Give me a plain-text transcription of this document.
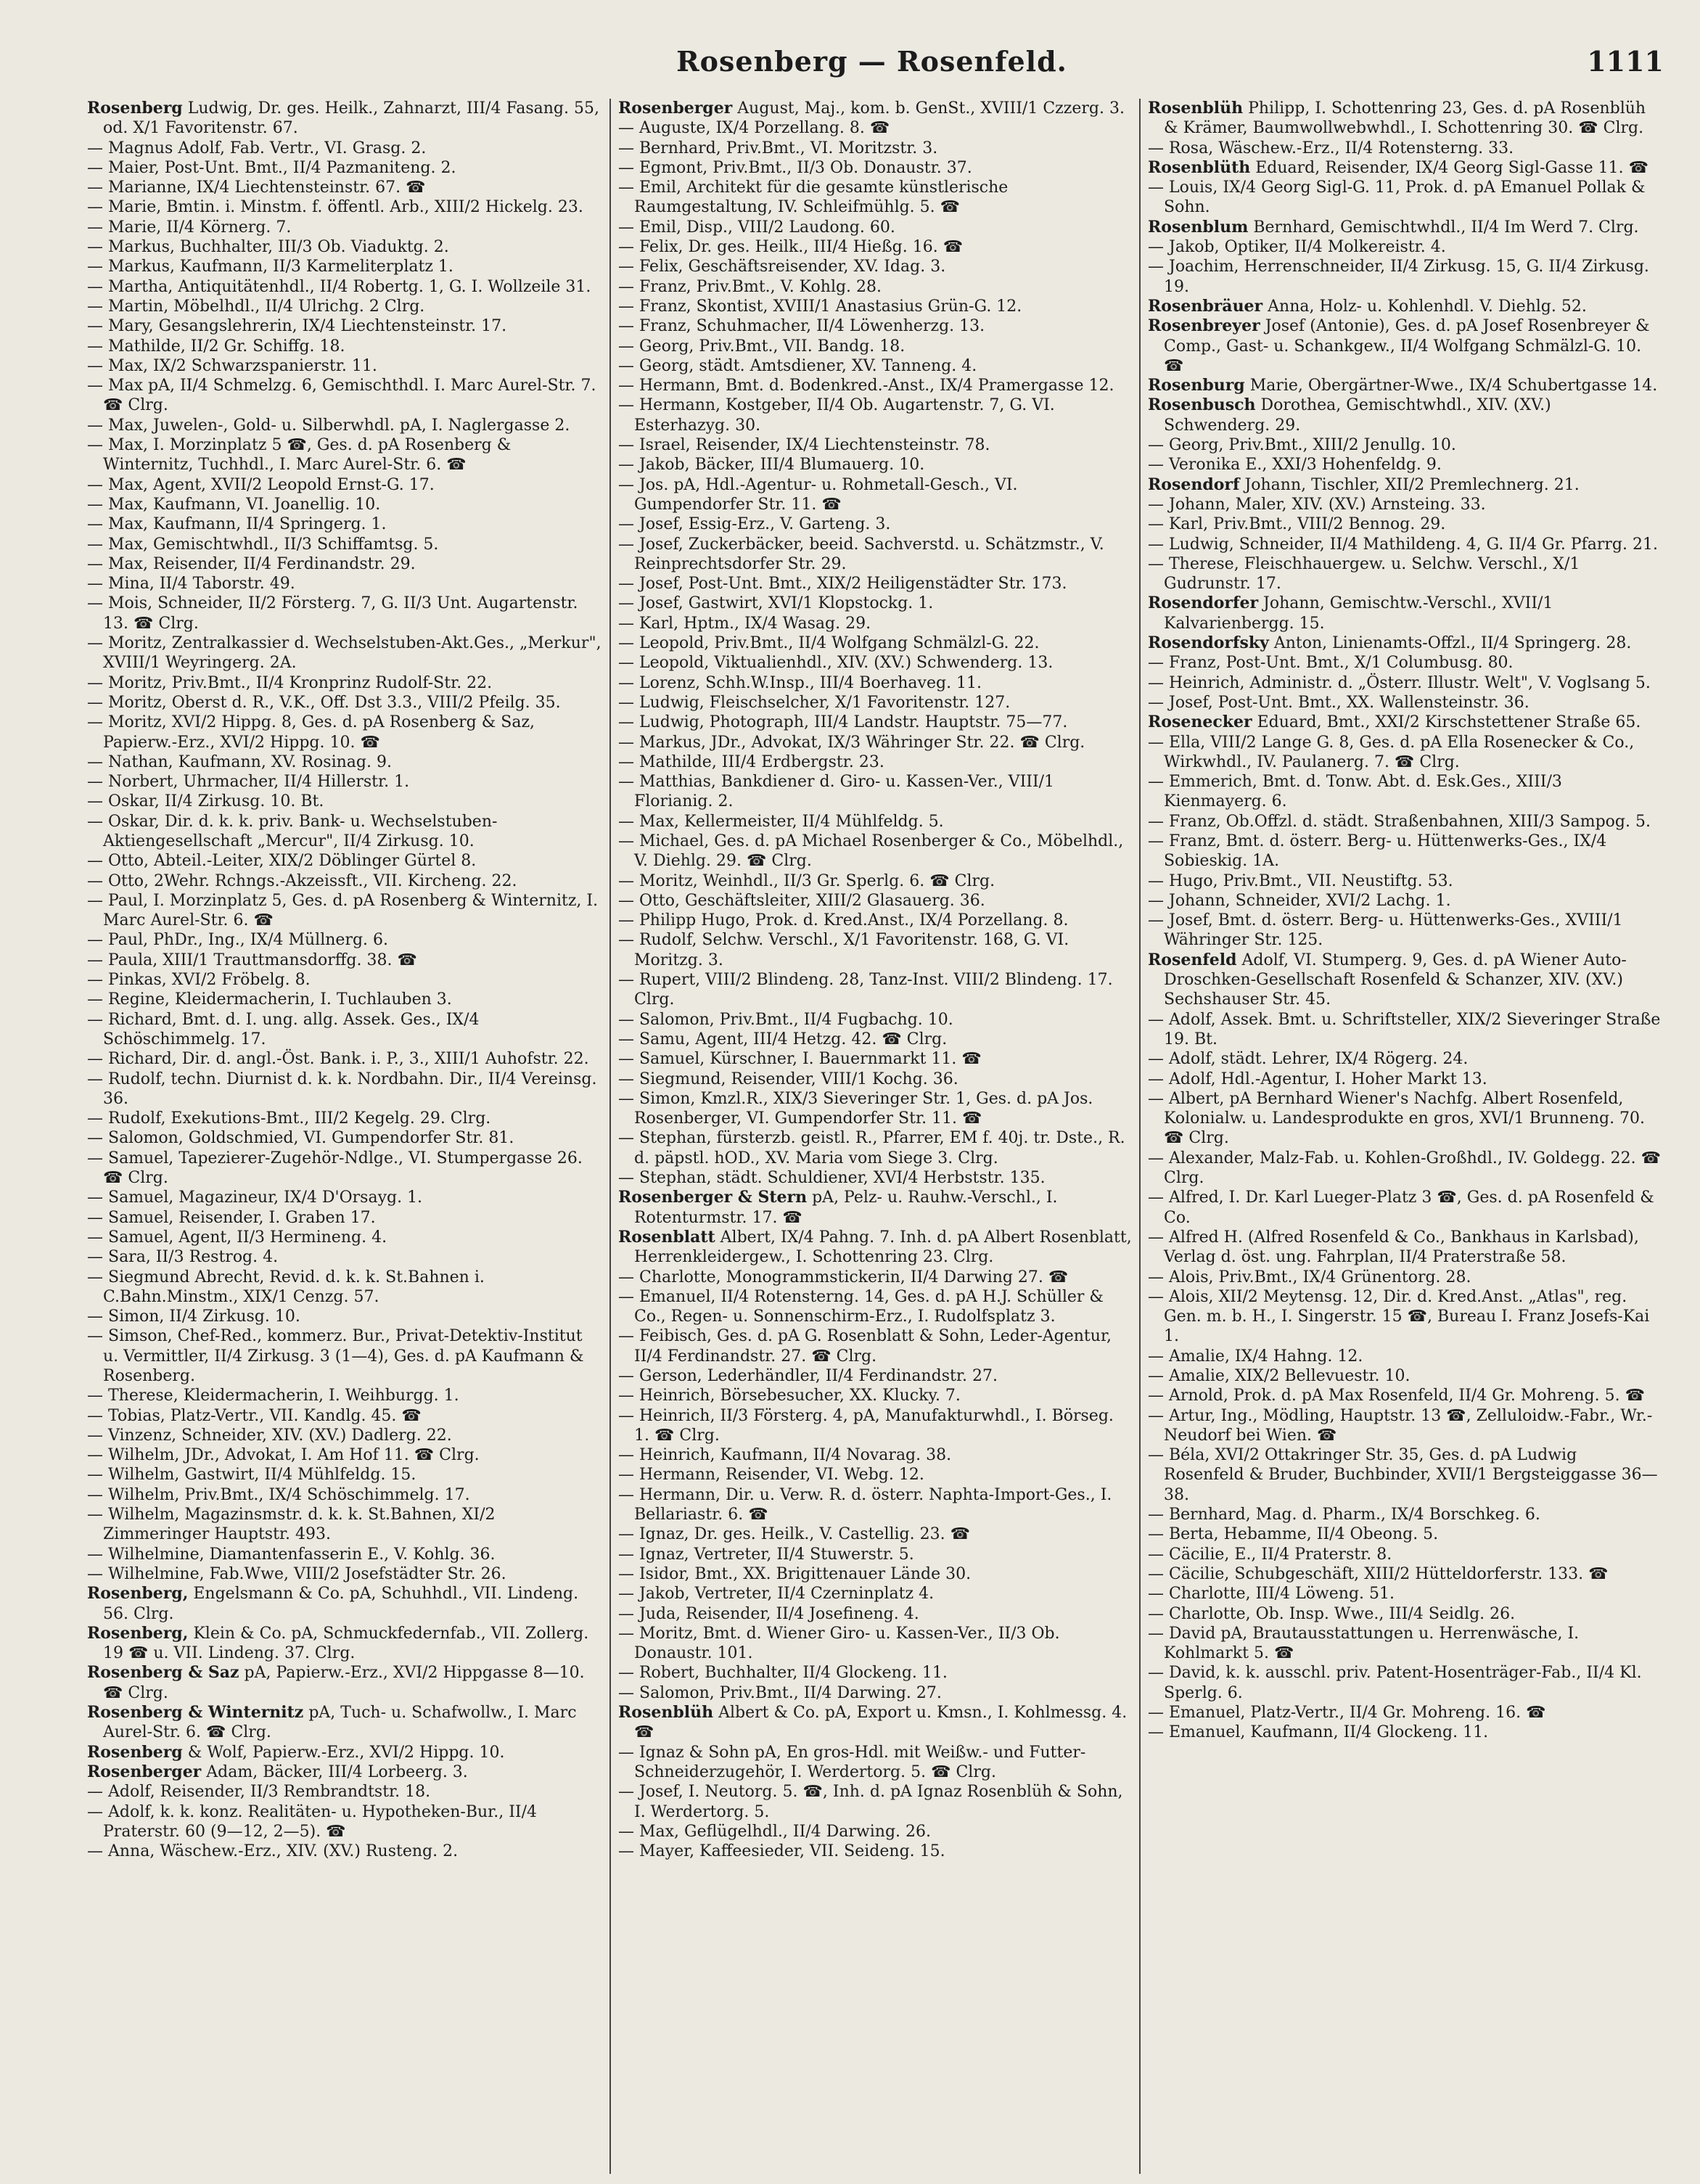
Rosenberg — Rosenfeld.	1111
Rosenberg Ludwig, Dr. ges. Heilk., Zahnarzt, III/4 Fasang. 55, od. X/1 Favoritenstr. 67.
— Magnus Adolf, Fab. Vertr., VI. Grasg. 2.
— Maier, Post-Unt. Bmt., II/4 Pazmaniteng. 2.
— Marianne, IX/4 Liechtensteinstr. 67. ☎
— Marie, Bmtin. i. Minstm. f. öffentl. Arb., XIII/2 Hickelg. 23.
— Marie, II/4 Körnerg. 7.
— Markus, Buchhalter, III/3 Ob. Viaduktg. 2.
— Markus, Kaufmann, II/3 Karmeliterplatz 1.
— Martha, Antiquitätenhdl., II/4 Robertg. 1, G. I. Wollzeile 31.
— Martin, Möbelhdl., II/4 Ulrichg. 2 Clrg.
— Mary, Gesangslehrerin, IX/4 Liechtensteinstr. 17.
— Mathilde, II/2 Gr. Schiffg. 18.
— Max, IX/2 Schwarzspanierstr. 11.
— Max pA, II/4 Schmelzg. 6, Gemischthdl. I. Marc Aurel-Str. 7. ☎ Clrg.
— Max, Juwelen-, Gold- u. Silberwhdl. pA, I. Naglergasse 2.
— Max, I. Morzinplatz 5 ☎, Ges. d. pA Rosenberg & Winternitz, Tuchhdl., I. Marc Aurel-Str. 6. ☎
— Max, Agent, XVII/2 Leopold Ernst-G. 17.
— Max, Kaufmann, VI. Joanellig. 10.
— Max, Kaufmann, II/4 Springerg. 1.
— Max, Gemischtwhdl., II/3 Schiffamtsg. 5.
— Max, Reisender, II/4 Ferdinandstr. 29.
— Mina, II/4 Taborstr. 49.
— Mois, Schneider, II/2 Försterg. 7, G. II/3 Unt. Augartenstr. 13. ☎ Clrg.
— Moritz, Zentralkassier d. Wechselstuben-Akt.Ges., „Merkur", XVIII/1 Weyringerg. 2A.
— Moritz, Priv.Bmt., II/4 Kronprinz Rudolf-Str. 22.
— Moritz, Oberst d. R., V.K., Off. Dst 3.3., VIII/2 Pfeilg. 35.
— Moritz, XVI/2 Hippg. 8, Ges. d. pA Rosenberg & Saz, Papierw.-Erz., XVI/2 Hippg. 10. ☎
— Nathan, Kaufmann, XV. Rosinag. 9.
— Norbert, Uhrmacher, II/4 Hillerstr. 1.
— Oskar, II/4 Zirkusg. 10. Bt.
— Oskar, Dir. d. k. k. priv. Bank- u. Wechselstuben-Aktiengesellschaft „Mercur", II/4 Zirkusg. 10.
— Otto, Abteil.-Leiter, XIX/2 Döblinger Gürtel 8.
— Otto, 2Wehr. Rchngs.-Akzeissft., VII. Kircheng. 22.
— Paul, I. Morzinplatz 5, Ges. d. pA Rosenberg & Winternitz, I. Marc Aurel-Str. 6. ☎
— Paul, PhDr., Ing., IX/4 Müllnerg. 6.
— Paula, XIII/1 Trauttmansdorffg. 38. ☎
— Pinkas, XVI/2 Fröbelg. 8.
— Regine, Kleidermacherin, I. Tuchlauben 3.
— Richard, Bmt. d. I. ung. allg. Assek. Ges., IX/4 Schöschimmelg. 17.
— Richard, Dir. d. angl.-Öst. Bank. i. P., 3., XIII/1 Auhofstr. 22.
— Rudolf, techn. Diurnist d. k. k. Nordbahn. Dir., II/4 Vereinsg. 36.
— Rudolf, Exekutions-Bmt., III/2 Kegelg. 29. Clrg.
— Salomon, Goldschmied, VI. Gumpendorfer Str. 81.
— Samuel, Tapezierer-Zugehör-Ndlge., VI. Stumpergasse 26. ☎ Clrg.
— Samuel, Magazineur, IX/4 D'Orsayg. 1.
— Samuel, Reisender, I. Graben 17.
— Samuel, Agent, II/3 Hermineng. 4.
— Sara, II/3 Restrog. 4.
— Siegmund Abrecht, Revid. d. k. k. St.Bahnen i. C.Bahn.Minstm., XIX/1 Cenzg. 57.
— Simon, II/4 Zirkusg. 10.
— Simson, Chef-Red., kommerz. Bur., Privat-Detektiv-Institut u. Vermittler, II/4 Zirkusg. 3 (1—4), Ges. d. pA Kaufmann & Rosenberg.
— Therese, Kleidermacherin, I. Weihburgg. 1.
— Tobias, Platz-Vertr., VII. Kandlg. 45. ☎
— Vinzenz, Schneider, XIV. (XV.) Dadlerg. 22.
— Wilhelm, JDr., Advokat, I. Am Hof 11. ☎ Clrg.
— Wilhelm, Gastwirt, II/4 Mühlfeldg. 15.
— Wilhelm, Priv.Bmt., IX/4 Schöschimmelg. 17.
— Wilhelm, Magazinsmstr. d. k. k. St.Bahnen, XI/2 Zimmeringer Hauptstr. 493.
— Wilhelmine, Diamantenfasserin E., V. Kohlg. 36.
— Wilhelmine, Fab.Wwe, VIII/2 Josefstädter Str. 26.
Rosenberg, Engelsmann & Co. pA, Schuhhdl., VII. Lindeng. 56. Clrg.
Rosenberg, Klein & Co. pA, Schmuckfedernfab., VII. Zollerg. 19 ☎ u. VII. Lindeng. 37. Clrg.
Rosenberg & Saz pA, Papierw.-Erz., XVI/2 Hippgasse 8—10. ☎ Clrg.
Rosenberg & Winternitz pA, Tuch- u. Schafwollw., I. Marc Aurel-Str. 6. ☎ Clrg.
Rosenberg & Wolf, Papierw.-Erz., XVI/2 Hippg. 10.
Rosenberger Adam, Bäcker, III/4 Lorbeerg. 3.
— Adolf, Reisender, II/3 Rembrandtstr. 18.
— Adolf, k. k. konz. Realitäten- u. Hypotheken-Bur., II/4 Praterstr. 60 (9—12, 2—5). ☎
— Anna, Wäschew.-Erz., XIV. (XV.) Rusteng. 2.
Rosenberger August, Maj., kom. b. GenSt., XVIII/1 Czzerg. 3.
— Auguste, IX/4 Porzellang. 8. ☎
— Bernhard, Priv.Bmt., VI. Moritzstr. 3.
— Egmont, Priv.Bmt., II/3 Ob. Donaustr. 37.
— Emil, Architekt für die gesamte künstlerische Raumgestaltung, IV. Schleifmühlg. 5. ☎
— Emil, Disp., VIII/2 Laudong. 60.
— Felix, Dr. ges. Heilk., III/4 Hießg. 16. ☎
— Felix, Geschäftsreisender, XV. Idag. 3.
— Franz, Priv.Bmt., V. Kohlg. 28.
— Franz, Skontist, XVIII/1 Anastasius Grün-G. 12.
— Franz, Schuhmacher, II/4 Löwenherzg. 13.
— Georg, Priv.Bmt., VII. Bandg. 18.
— Georg, städt. Amtsdiener, XV. Tanneng. 4.
— Hermann, Bmt. d. Bodenkred.-Anst., IX/4 Pramergasse 12.
— Hermann, Kostgeber, II/4 Ob. Augartenstr. 7, G. VI. Esterhazyg. 30.
— Israel, Reisender, IX/4 Liechtensteinstr. 78.
— Jakob, Bäcker, III/4 Blumauerg. 10.
— Jos. pA, Hdl.-Agentur- u. Rohmetall-Gesch., VI. Gumpendorfer Str. 11. ☎
— Josef, Essig-Erz., V. Garteng. 3.
— Josef, Zuckerbäcker, beeid. Sachverstd. u. Schätzmstr., V. Reinprechtsdorfer Str. 29.
— Josef, Post-Unt. Bmt., XIX/2 Heiligenstädter Str. 173.
— Josef, Gastwirt, XVI/1 Klopstockg. 1.
— Karl, Hptm., IX/4 Wasag. 29.
— Leopold, Priv.Bmt., II/4 Wolfgang Schmälzl-G. 22.
— Leopold, Viktualienhdl., XIV. (XV.) Schwenderg. 13.
— Lorenz, Schh.W.Insp., III/4 Boerhaveg. 11.
— Ludwig, Fleischselcher, X/1 Favoritenstr. 127.
— Ludwig, Photograph, III/4 Landstr. Hauptstr. 75—77.
— Markus, JDr., Advokat, IX/3 Währinger Str. 22. ☎ Clrg.
— Mathilde, III/4 Erdbergstr. 23.
— Matthias, Bankdiener d. Giro- u. Kassen-Ver., VIII/1 Florianig. 2.
— Max, Kellermeister, II/4 Mühlfeldg. 5.
— Michael, Ges. d. pA Michael Rosenberger & Co., Möbelhdl., V. Diehlg. 29. ☎ Clrg.
— Moritz, Weinhdl., II/3 Gr. Sperlg. 6. ☎ Clrg.
— Otto, Geschäftsleiter, XIII/2 Glasauerg. 36.
— Philipp Hugo, Prok. d. Kred.Anst., IX/4 Porzellang. 8.
— Rudolf, Selchw. Verschl., X/1 Favoritenstr. 168, G. VI. Moritzg. 3.
— Rupert, VIII/2 Blindeng. 28, Tanz-Inst. VIII/2 Blindeng. 17. Clrg.
— Salomon, Priv.Bmt., II/4 Fugbachg. 10.
— Samu, Agent, III/4 Hetzg. 42. ☎ Clrg.
— Samuel, Kürschner, I. Bauernmarkt 11. ☎
— Siegmund, Reisender, VIII/1 Kochg. 36.
— Simon, Kmzl.R., XIX/3 Sieveringer Str. 1, Ges. d. pA Jos. Rosenberger, VI. Gumpendorfer Str. 11. ☎
— Stephan, fürsterzb. geistl. R., Pfarrer, EM f. 40j. tr. Dste., R. d. päpstl. hOD., XV. Maria vom Siege 3. Clrg.
— Stephan, städt. Schuldiener, XVI/4 Herbststr. 135.
Rosenberger & Stern pA, Pelz- u. Rauhw.-Verschl., I. Rotenturmstr. 17. ☎
Rosenblatt Albert, IX/4 Pahng. 7. Inh. d. pA Albert Rosenblatt, Herrenkleidergew., I. Schottenring 23. Clrg.
— Charlotte, Monogrammstickerin, II/4 Darwing 27. ☎
— Emanuel, II/4 Rotensterng. 14, Ges. d. pA H.J. Schüller & Co., Regen- u. Sonnenschirm-Erz., I. Rudolfsplatz 3.
— Feibisch, Ges. d. pA G. Rosenblatt & Sohn, Leder-Agentur, II/4 Ferdinandstr. 27. ☎ Clrg.
— Gerson, Lederhändler, II/4 Ferdinandstr. 27.
— Heinrich, Börsebesucher, XX. Klucky. 7.
— Heinrich, II/3 Försterg. 4, pA, Manufakturwhdl., I. Börseg. 1. ☎ Clrg.
— Heinrich, Kaufmann, II/4 Novarag. 38.
— Hermann, Reisender, VI. Webg. 12.
— Hermann, Dir. u. Verw. R. d. österr. Naphta-Import-Ges., I. Bellariastr. 6. ☎
— Ignaz, Dr. ges. Heilk., V. Castellig. 23. ☎
— Ignaz, Vertreter, II/4 Stuwerstr. 5.
— Isidor, Bmt., XX. Brigittenauer Lände 30.
— Jakob, Vertreter, II/4 Czerninplatz 4.
— Juda, Reisender, II/4 Josefineng. 4.
— Moritz, Bmt. d. Wiener Giro- u. Kassen-Ver., II/3 Ob. Donaustr. 101.
— Robert, Buchhalter, II/4 Glockeng. 11.
— Salomon, Priv.Bmt., II/4 Darwing. 27.
Rosenblüh Albert & Co. pA, Export u. Kmsn., I. Kohlmessg. 4. ☎
— Ignaz & Sohn pA, En gros-Hdl. mit Weißw.- und Futter-Schneiderzugehör, I. Werdertorg. 5. ☎ Clrg.
— Josef, I. Neutorg. 5. ☎, Inh. d. pA Ignaz Rosenblüh & Sohn, I. Werdertorg. 5.
— Max, Geflügelhdl., II/4 Darwing. 26.
— Mayer, Kaffeesieder, VII. Seideng. 15.
Rosenblüh Philipp, I. Schottenring 23, Ges. d. pA Rosenblüh & Krämer, Baumwollwebwhdl., I. Schottenring 30. ☎ Clrg.
— Rosa, Wäschew.-Erz., II/4 Rotensterng. 33.
Rosenblüth Eduard, Reisender, IX/4 Georg Sigl-Gasse 11. ☎
— Louis, IX/4 Georg Sigl-G. 11, Prok. d. pA Emanuel Pollak & Sohn.
Rosenblum Bernhard, Gemischtwhdl., II/4 Im Werd 7. Clrg.
— Jakob, Optiker, II/4 Molkereistr. 4.
— Joachim, Herrenschneider, II/4 Zirkusg. 15, G. II/4 Zirkusg. 19.
Rosenbräuer Anna, Holz- u. Kohlenhdl. V. Diehlg. 52.
Rosenbreyer Josef (Antonie), Ges. d. pA Josef Rosenbreyer & Comp., Gast- u. Schankgew., II/4 Wolfgang Schmälzl-G. 10. ☎
Rosenburg Marie, Obergärtner-Wwe., IX/4 Schubertgasse 14.
Rosenbusch Dorothea, Gemischtwhdl., XIV. (XV.) Schwenderg. 29.
— Georg, Priv.Bmt., XIII/2 Jenullg. 10.
— Veronika E., XXI/3 Hohenfeldg. 9.
Rosendorf Johann, Tischler, XII/2 Premlechnerg. 21.
— Johann, Maler, XIV. (XV.) Arnsteing. 33.
— Karl, Priv.Bmt., VIII/2 Bennog. 29.
— Ludwig, Schneider, II/4 Mathildeng. 4, G. II/4 Gr. Pfarrg. 21.
— Therese, Fleischhauergew. u. Selchw. Verschl., X/1 Gudrunstr. 17.
Rosendorfer Johann, Gemischtw.-Verschl., XVII/1 Kalvarienbergg. 15.
Rosendorfsky Anton, Linienamts-Offzl., II/4 Springerg. 28.
— Franz, Post-Unt. Bmt., X/1 Columbusg. 80.
— Heinrich, Administr. d. „Österr. Illustr. Welt", V. Voglsang 5.
— Josef, Post-Unt. Bmt., XX. Wallensteinstr. 36.
Rosenecker Eduard, Bmt., XXI/2 Kirschstettener Straße 65.
— Ella, VIII/2 Lange G. 8, Ges. d. pA Ella Rosenecker & Co., Wirkwhdl., IV. Paulanerg. 7. ☎ Clrg.
— Emmerich, Bmt. d. Tonw. Abt. d. Esk.Ges., XIII/3 Kienmayerg. 6.
— Franz, Ob.Offzl. d. städt. Straßenbahnen, XIII/3 Sampog. 5.
— Franz, Bmt. d. österr. Berg- u. Hüttenwerks-Ges., IX/4 Sobieskig. 1A.
— Hugo, Priv.Bmt., VII. Neustiftg. 53.
— Johann, Schneider, XVI/2 Lachg. 1.
— Josef, Bmt. d. österr. Berg- u. Hüttenwerks-Ges., XVIII/1 Währinger Str. 125.
Rosenfeld Adolf, VI. Stumperg. 9, Ges. d. pA Wiener Auto-Droschken-Gesellschaft Rosenfeld & Schanzer, XIV. (XV.) Sechshauser Str. 45.
— Adolf, Assek. Bmt. u. Schriftsteller, XIX/2 Sieveringer Straße 19. Bt.
— Adolf, städt. Lehrer, IX/4 Rögerg. 24.
— Adolf, Hdl.-Agentur, I. Hoher Markt 13.
— Albert, pA Bernhard Wiener's Nachfg. Albert Rosenfeld, Kolonialw. u. Landesprodukte en gros, XVI/1 Brunneng. 70. ☎ Clrg.
— Alexander, Malz-Fab. u. Kohlen-Großhdl., IV. Goldegg. 22. ☎ Clrg.
— Alfred, I. Dr. Karl Lueger-Platz 3 ☎, Ges. d. pA Rosenfeld & Co.
— Alfred H. (Alfred Rosenfeld & Co., Bankhaus in Karlsbad), Verlag d. öst. ung. Fahrplan, II/4 Praterstraße 58.
— Alois, Priv.Bmt., IX/4 Grünentorg. 28.
— Alois, XII/2 Meytensg. 12, Dir. d. Kred.Anst. „Atlas", reg. Gen. m. b. H., I. Singerstr. 15 ☎, Bureau I. Franz Josefs-Kai 1.
— Amalie, IX/4 Hahng. 12.
— Amalie, XIX/2 Bellevuestr. 10.
— Arnold, Prok. d. pA Max Rosenfeld, II/4 Gr. Mohreng. 5. ☎
— Artur, Ing., Mödling, Hauptstr. 13 ☎, Zelluloidw.-Fabr., Wr.-Neudorf bei Wien. ☎
— Béla, XVI/2 Ottakringer Str. 35, Ges. d. pA Ludwig Rosenfeld & Bruder, Buchbinder, XVII/1 Bergsteiggasse 36—38.
— Bernhard, Mag. d. Pharm., IX/4 Borschkeg. 6.
— Berta, Hebamme, II/4 Obeong. 5.
— Cäcilie, E., II/4 Praterstr. 8.
— Cäcilie, Schubgeschäft, XIII/2 Hütteldorferstr. 133. ☎
— Charlotte, III/4 Löweng. 51.
— Charlotte, Ob. Insp. Wwe., III/4 Seidlg. 26.
— David pA, Brautausstattungen u. Herrenwäsche, I. Kohlmarkt 5. ☎
— David, k. k. ausschl. priv. Patent-Hosenträger-Fab., II/4 Kl. Sperlg. 6.
— Emanuel, Platz-Vertr., II/4 Gr. Mohreng. 16. ☎
— Emanuel, Kaufmann, II/4 Glockeng. 11.
